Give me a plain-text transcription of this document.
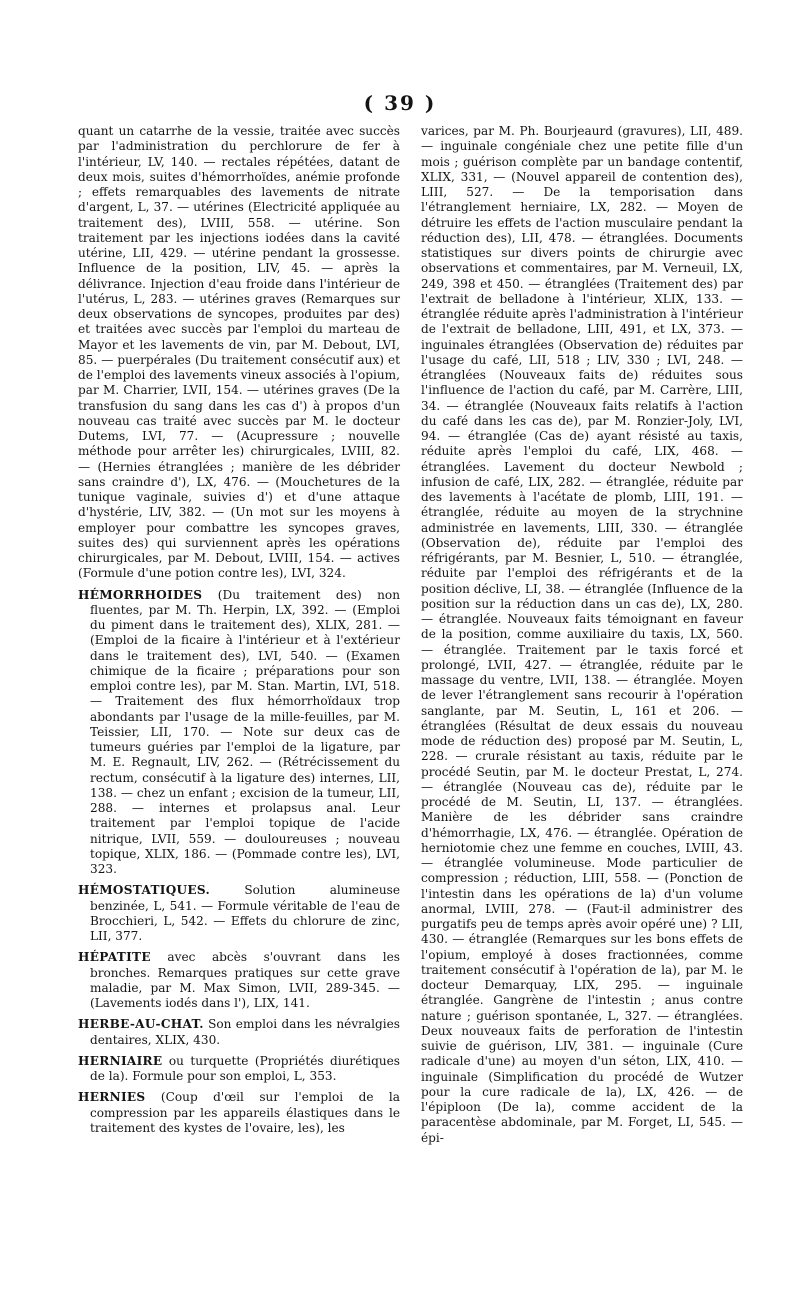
( 39 )

quant un catarrhe de la vessie, traitée avec succès par l'administration du perchlorure de fer à l'intérieur, LV, 140. — rectales répétées, datant de deux mois, suites d'hémorrhoïdes, anémie profonde ; effets remarquables des lavements de nitrate d'argent, L, 37. — utérines (Electricité appliquée au traitement des), LVIII, 558. — utérine. Son traitement par les injections iodées dans la cavité utérine, LII, 429. — utérine pendant la grossesse. Influence de la position, LIV, 45. — après la délivrance. Injection d'eau froide dans l'intérieur de l'utérus, L, 283. — utérines graves (Remarques sur deux observations de syncopes, produites par des) et traitées avec succès par l'emploi du marteau de Mayor et les lavements de vin, par M. Debout, LVI, 85. — puerpérales (Du traitement consécutif aux) et de l'emploi des lavements vineux associés à l'opium, par M. Charrier, LVII, 154. — utérines graves (De la transfusion du sang dans les cas d') à propos d'un nouveau cas traité avec succès par M. le docteur Dutems, LVI, 77. — (Acupressure ; nouvelle méthode pour arrêter les) chirurgicales, LVIII, 82. — (Hernies étranglées ; manière de les débrider sans craindre d'), LX, 476. — (Mouchetures de la tunique vaginale, suivies d') et d'une attaque d'hystérie, LIV, 382. — (Un mot sur les moyens à employer pour combattre les syncopes graves, suites des) qui surviennent après les opérations chirurgicales, par M. Debout, LVIII, 154. — actives (Formule d'une potion contre les), LVI, 324.

HÉMORRHOIDES (Du traitement des) non fluentes, par M. Th. Herpin, LX, 392. — (Emploi du piment dans le traitement des), XLIX, 281. — (Emploi de la ficaire à l'intérieur et à l'extérieur dans le traitement des), LVI, 540. — (Examen chimique de la ficaire ; préparations pour son emploi contre les), par M. Stan. Martin, LVI, 518. — Traitement des flux hémorrhoïdaux trop abondants par l'usage de la mille-feuilles, par M. Teissier, LII, 170. — Note sur deux cas de tumeurs guéries par l'emploi de la ligature, par M. E. Regnault, LIV, 262. — (Rétrécissement du rectum, consécutif à la ligature des) internes, LII, 138. — chez un enfant ; excision de la tumeur, LII, 288. — internes et prolapsus anal. Leur traitement par l'emploi topique de l'acide nitrique, LVII, 559. — douloureuses ; nouveau topique, XLIX, 186. — (Pommade contre les), LVI, 323.

HÉMOSTATIQUES.	Solution alumineuse benzinée, L, 541. — Formule véritable de l'eau de Brocchieri, L, 542. — Effets du chlorure de zinc, LII, 377.

HÉPATITE avec abcès s'ouvrant dans les bronches. Remarques pratiques sur cette grave maladie, par M. Max Simon, LVII, 289-345. — (Lavements iodés dans l'), LIX, 141.

HERBE-AU-CHAT. Son emploi dans les névralgies dentaires, XLIX, 430.

HERNIAIRE ou turquette (Propriétés diurétiques de la). Formule pour son emploi, L, 353.

HERNIES (Coup d'œil sur l'emploi de la compression par les appareils élastiques dans le traitement des kystes de l'ovaire, les), les

varices, par M. Ph. Bourjeaurd (gravures), LII, 489. — inguinale congéniale chez une petite fille d'un mois ; guérison complète par un bandage contentif, XLIX, 331, — (Nouvel appareil de contention des), LIII, 527. — De la temporisation dans l'étranglement herniaire, LX, 282. — Moyen de détruire les effets de l'action musculaire pendant la réduction des), LII, 478. — étranglées. Documents statistiques sur divers points de chirurgie avec observations et commentaires, par M. Verneuil, LX, 249, 398 et 450. — étranglées (Traitement des) par l'extrait de belladone à l'intérieur, XLIX, 133. — étranglée réduite après l'administration à l'intérieur de l'extrait de belladone, LIII, 491, et LX, 373. — inguinales étranglées (Observation de) réduites par l'usage du café, LII, 518 ; LIV, 330 ; LVI, 248. — étranglées (Nouveaux faits de) réduites sous l'influence de l'action du café, par M. Carrère, LIII, 34. — étranglée (Nouveaux faits relatifs à l'action du café dans les cas de), par M. Ronzier-Joly, LVI, 94. — étranglée (Cas de) ayant résisté au taxis, réduite après l'emploi du café, LIX, 468. — étranglées. Lavement du docteur Newbold ; infusion de café, LIX, 282. — étranglée, réduite par des lavements à l'acétate de plomb, LIII, 191. — étranglée, réduite au moyen de la strychnine administrée en lavements, LIII, 330. — étranglée (Observation de), réduite par l'emploi des réfrigérants, par M. Besnier, L, 510. — étranglée, réduite par l'emploi des réfrigérants et de la position déclive, LI, 38. — étranglée (Influence de la position sur la réduction dans un cas de), LX, 280. — étranglée. Nouveaux faits témoignant en faveur de la position, comme auxiliaire du taxis, LX, 560. — étranglée. Traitement par le taxis forcé et prolongé, LVII, 427. — étranglée, réduite par le massage du ventre, LVII, 138. — étranglée. Moyen de lever l'étranglement sans recourir à l'opération sanglante, par M. Seutin, L, 161 et 206. — étranglées (Résultat de deux essais du nouveau mode de réduction des) proposé par M. Seutin, L, 228. — crurale résistant au taxis, réduite par le procédé Seutin, par M. le docteur Prestat, L, 274. — étranglée (Nouveau cas de), réduite par le procédé de M. Seutin, LI, 137. — étranglées. Manière de les débrider sans craindre d'hémorrhagie, LX, 476. — étranglée. Opération de herniotomie chez une femme en couches, LVIII, 43. — étranglée volumineuse. Mode particulier de compression ; réduction, LIII, 558. — (Ponction de l'intestin dans les opérations de la) d'un volume anormal, LVIII, 278. — (Faut-il administrer des purgatifs peu de temps après avoir opéré une) ? LII, 430. — étranglée (Remarques sur les bons effets de l'opium, employé à doses fractionnées, comme traitement consécutif à l'opération de la), par M. le docteur Demarquay, LIX, 295. — inguinale étranglée. Gangrène de l'intestin ; anus contre nature ; guérison spontanée, L, 327. — étranglées. Deux nouveaux faits de perforation de l'intestin suivie de guérison, LIV, 381. — inguinale (Cure radicale d'une) au moyen d'un séton, LIX, 410. — inguinale (Simplification du procédé de Wutzer pour la cure radicale de la), LX, 426. — de l'épiploon (De la), comme accident de la paracentèse abdominale, par M. Forget, LI, 545. — épi-
